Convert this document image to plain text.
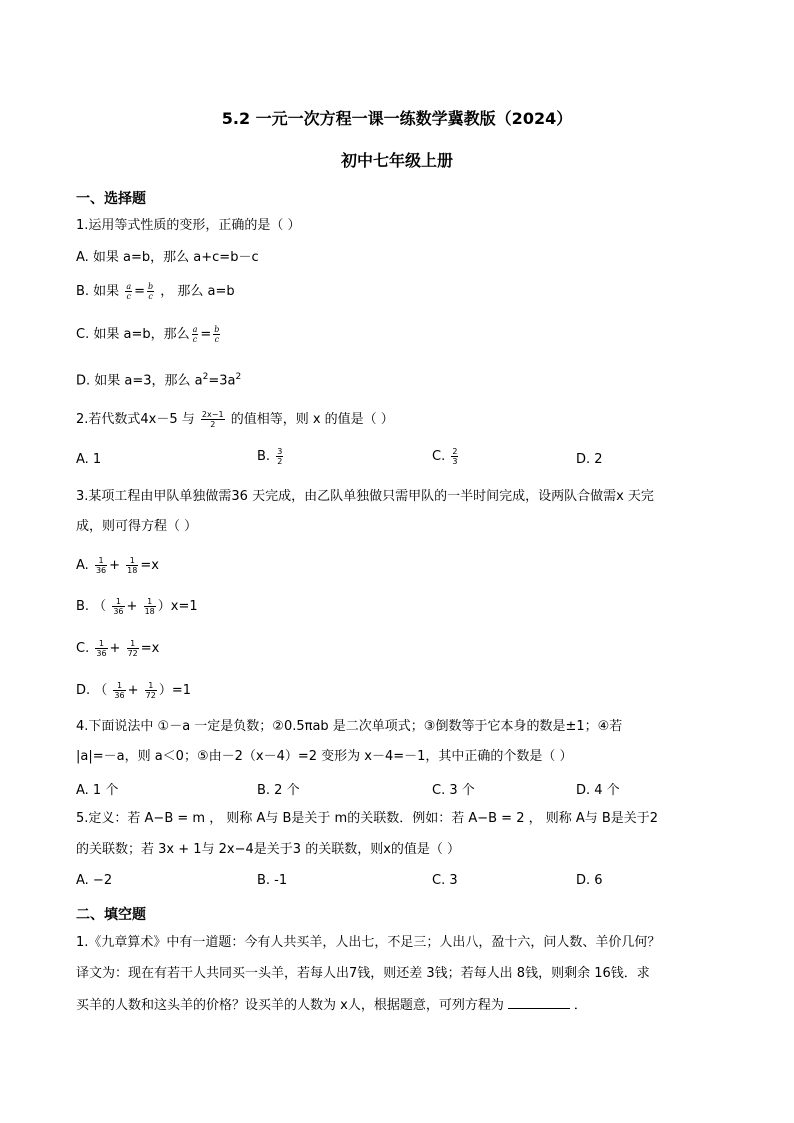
5.2 一元一次方程一课一练数学冀教版（2024）
初中七年级上册
一、选择题
1.运用等式性质的变形，正确的是（ ）
A. 如果 a=b，那么 a+c=b－c
B. 如果 $\frac{a}{c} = \frac{b}{c}$ ， 那么 a=b
C. 如果 a=b，那么 $\frac{a}{c} = \frac{b}{c}$
D. 如果 a=3，那么 $a^2=3a^2$
2.若代数式4x－5 与 $\frac{2x-1}{2}$ 的值相等，则 x 的值是（ ）
A. 1	B. $\frac{3}{2}$	C. $\frac{2}{3}$	D. 2
3.某项工程由甲队单独做需36 天完成，由乙队单独做只需甲队的一半时间完成，设两队合做需x 天完
成，则可得方程（ ）
A. $\frac{1}{36} + \frac{1}{18} =x$
B. （ $\frac{1}{36} + \frac{1}{18} )x=1$
C. $\frac{1}{36} + \frac{1}{72} =x$
D. （ $\frac{1}{36} + \frac{1}{72} )=1$
4.下面说法中 ①－a 一定是负数；②0.5πab 是二次单项式；③倒数等于它本身的数是±1；④若
|a|=－a，则 a＜0；⑤由－2（x－4）=2 变形为 x－4=－1，其中正确的个数是（ ）
A. 1 个	B. 2 个	C. 3 个	D. 4 个
5.定义：若 A−B = m ， 则称 A与 B是关于 m的关联数．例如：若 A−B = 2 ， 则称 A与 B是关于2
的关联数；若 3x + 1与 2x−4是关于3 的关联数，则x的值是（ ）
A. −2	B. -1	C. 3	D. 6
二、填空题
1.《九章算术》中有一道题：今有人共买羊，人出七，不足三；人出八，盈十六，问人数、羊价几何？
译文为：现在有若干人共同买一头羊，若每人出7钱，则还差 3钱；若每人出 8钱，则剩余 16钱．求
买羊的人数和这头羊的价格？设买羊的人数为 x人，根据题意，可列方程为	．
